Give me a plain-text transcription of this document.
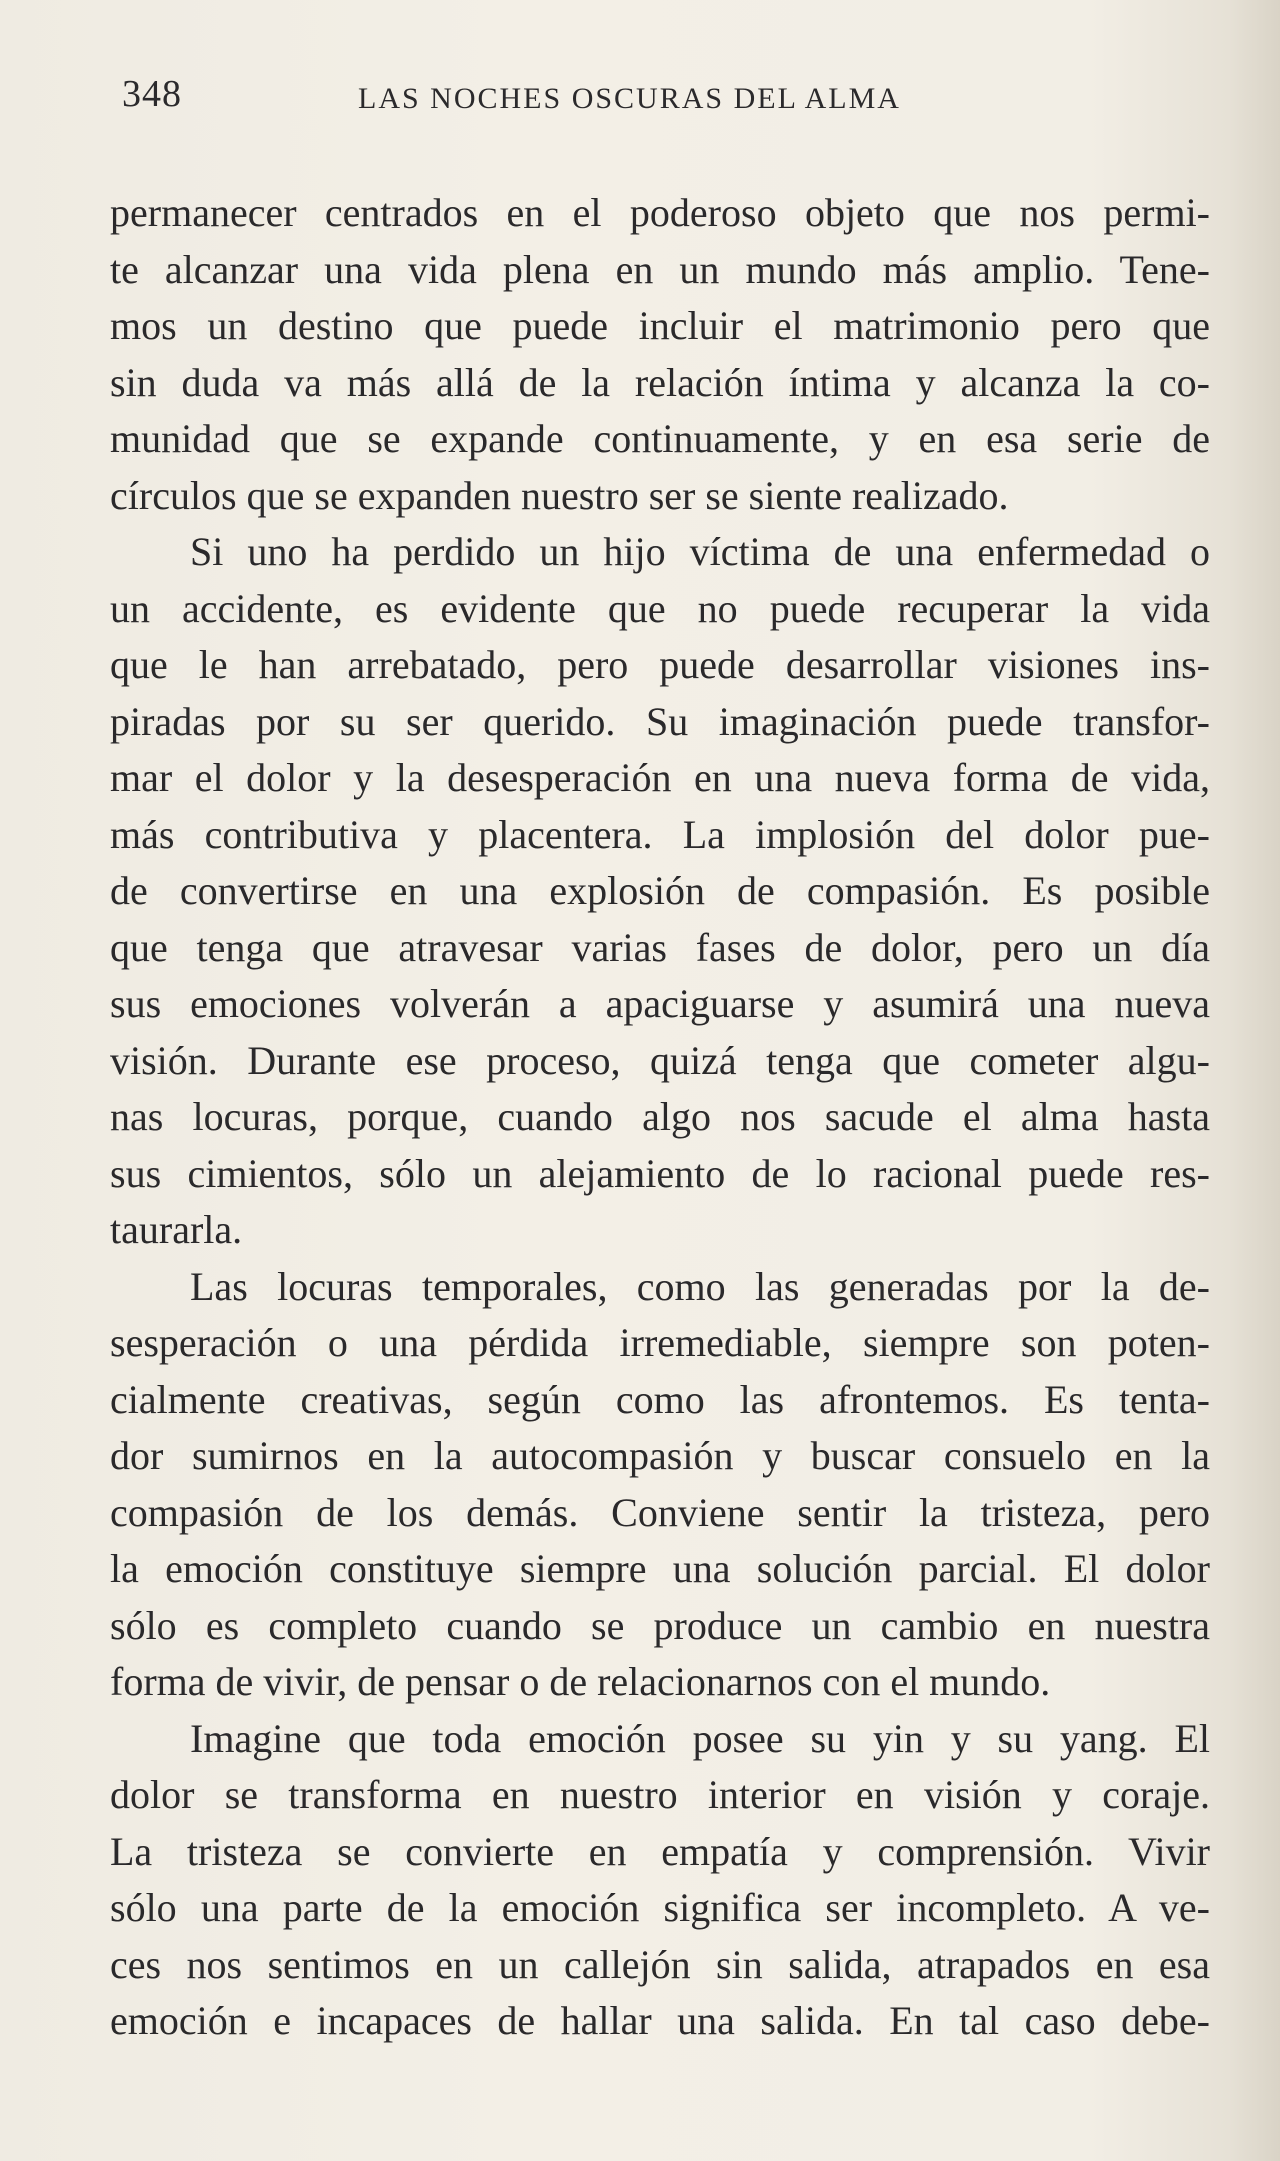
348	LAS NOCHES OSCURAS DEL ALMA
permanecer centrados en el poderoso objeto que nos permi-
te alcanzar una vida plena en un mundo más amplio. Tene-
mos un destino que puede incluir el matrimonio pero que
sin duda va más allá de la relación íntima y alcanza la co-
munidad que se expande continuamente, y en esa serie de
círculos que se expanden nuestro ser se siente realizado.
Si uno ha perdido un hijo víctima de una enfermedad o
un accidente, es evidente que no puede recuperar la vida
que le han arrebatado, pero puede desarrollar visiones ins-
piradas por su ser querido. Su imaginación puede transfor-
mar el dolor y la desesperación en una nueva forma de vida,
más contributiva y placentera. La implosión del dolor pue-
de convertirse en una explosión de compasión. Es posible
que tenga que atravesar varias fases de dolor, pero un día
sus emociones volverán a apaciguarse y asumirá una nueva
visión. Durante ese proceso, quizá tenga que cometer algu-
nas locuras, porque, cuando algo nos sacude el alma hasta
sus cimientos, sólo un alejamiento de lo racional puede res-
taurarla.
Las locuras temporales, como las generadas por la de-
sesperación o una pérdida irremediable, siempre son poten-
cialmente creativas, según como las afrontemos. Es tenta-
dor sumirnos en la autocompasión y buscar consuelo en la
compasión de los demás. Conviene sentir la tristeza, pero
la emoción constituye siempre una solución parcial. El dolor
sólo es completo cuando se produce un cambio en nuestra
forma de vivir, de pensar o de relacionarnos con el mundo.
Imagine que toda emoción posee su yin y su yang. El
dolor se transforma en nuestro interior en visión y coraje.
La tristeza se convierte en empatía y comprensión. Vivir
sólo una parte de la emoción significa ser incompleto. A ve-
ces nos sentimos en un callejón sin salida, atrapados en esa
emoción e incapaces de hallar una salida. En tal caso debe-
